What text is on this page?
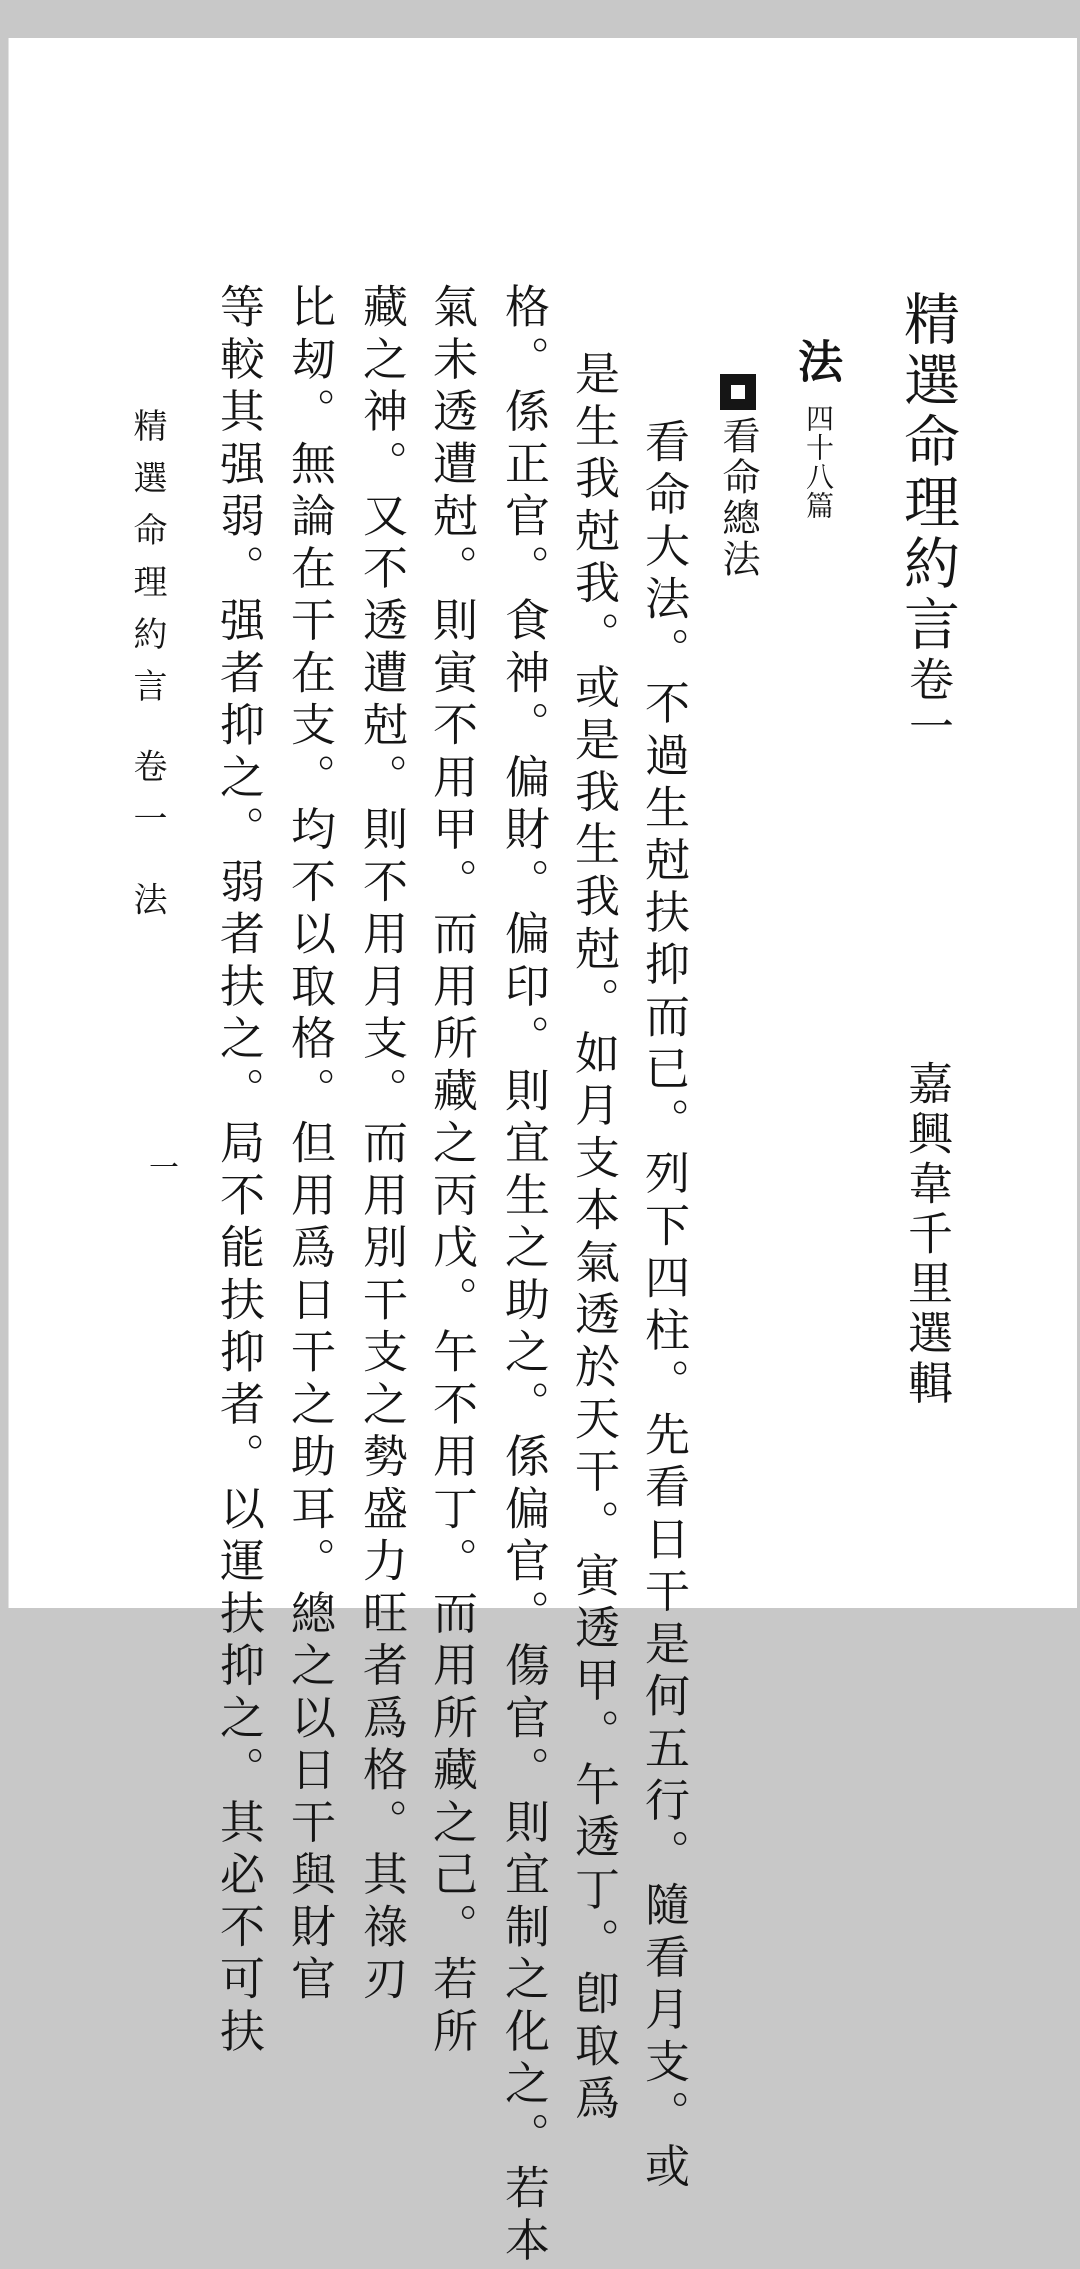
精選命理約言卷一
嘉興韋千里選輯
法
四十八篇
看命總法
看命大法。不過生尅扶抑而已。列下四柱。先看日干是何五行。隨看月支。或
是生我尅我。或是我生我尅。如月支本氣透於天干。寅透甲。午透丁。卽取爲
格。係正官。食神。偏財。偏印。則宜生之助之。係偏官。傷官。則宜制之化之。若本
氣未透遭尅。則寅不用甲。而用所藏之丙戊。午不用丁。而用所藏之己。若所
藏之神。又不透遭尅。則不用月支。而用別干支之勢盛力旺者爲格。其祿刃
比刼。無論在干在支。均不以取格。但用爲日干之助耳。總之以日干與財官
等較其强弱。强者抑之。弱者扶之。局不能扶抑者。以運扶抑之。其必不可扶
精選命理約言 卷一 法
一
